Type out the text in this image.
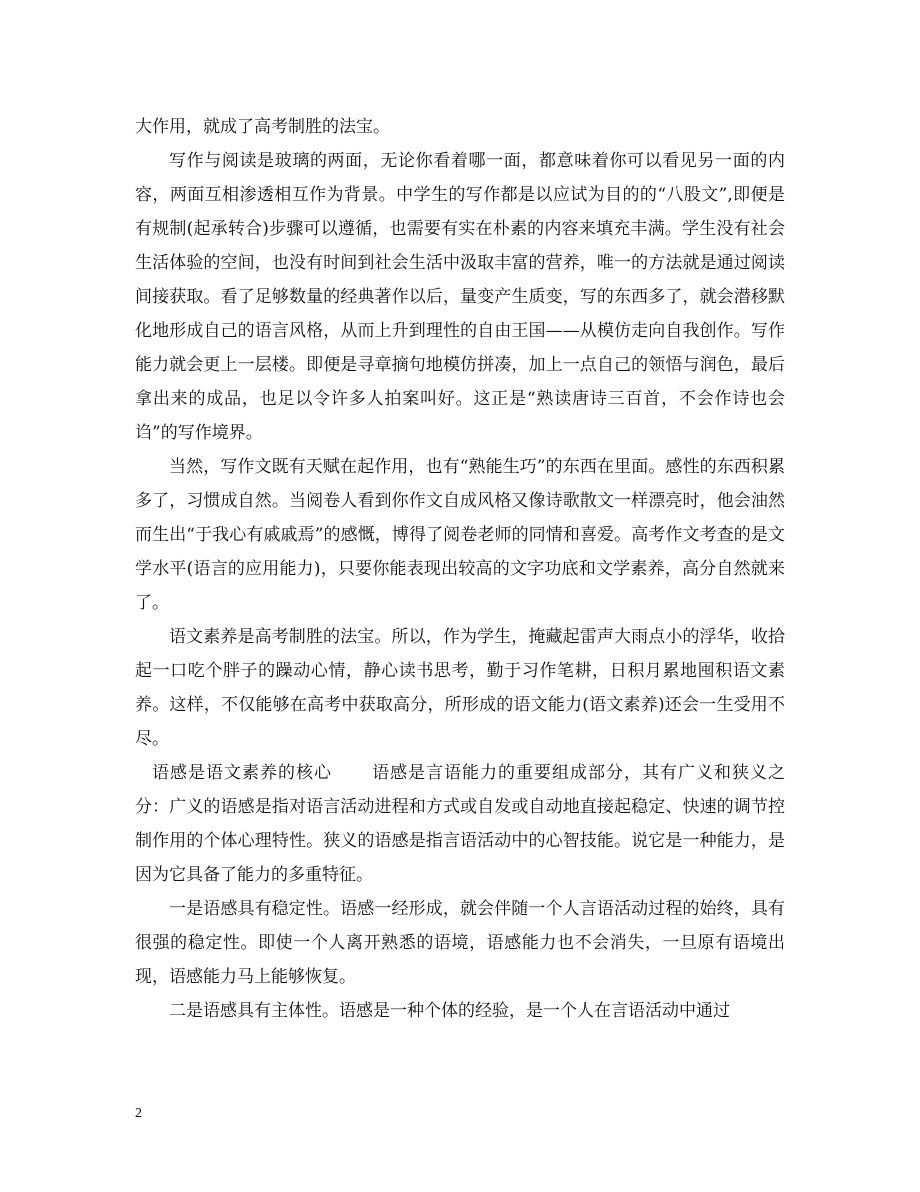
大作用，就成了高考制胜的法宝。

写作与阅读是玻璃的两面，无论你看着哪一面，都意味着你可以看见另一面的内容，两面互相渗透相互作为背景。中学生的写作都是以应试为目的的“八股文”,即便是有规制(起承转合)步骤可以遵循，也需要有实在朴素的内容来填充丰满。学生没有社会生活体验的空间，也没有时间到社会生活中汲取丰富的营养，唯一的方法就是通过阅读间接获取。看了足够数量的经典著作以后，量变产生质变，写的东西多了，就会潜移默化地形成自己的语言风格，从而上升到理性的自由王国——从模仿走向自我创作。写作能力就会更上一层楼。即便是寻章摘句地模仿拼凑，加上一点自己的领悟与润色，最后拿出来的成品，也足以令许多人拍案叫好。这正是“熟读唐诗三百首，不会作诗也会诌”的写作境界。

当然，写作文既有天赋在起作用，也有“熟能生巧”的东西在里面。感性的东西积累多了，习惯成自然。当阅卷人看到你作文自成风格又像诗歌散文一样漂亮时，他会油然而生出“于我心有戚戚焉”的感慨，博得了阅卷老师的同情和喜爱。高考作文考查的是文学水平(语言的应用能力)，只要你能表现出较高的文字功底和文学素养，高分自然就来了。

语文素养是高考制胜的法宝。所以，作为学生，掩藏起雷声大雨点小的浮华，收拾起一口吃个胖子的躁动心情，静心读书思考，勤于习作笔耕，日积月累地囤积语文素养。这样，不仅能够在高考中获取高分，所形成的语文能力(语文素养)还会一生受用不尽。

语感是语文素养的核心 语感是言语能力的重要组成部分，其有广义和狭义之分：广义的语感是指对语言活动进程和方式或自发或自动地直接起稳定、快速的调节控制作用的个体心理特性。狭义的语感是指言语活动中的心智技能。说它是一种能力，是因为它具备了能力的多重特征。

一是语感具有稳定性。语感一经形成，就会伴随一个人言语活动过程的始终，具有很强的稳定性。即使一个人离开熟悉的语境，语感能力也不会消失，一旦原有语境出现，语感能力马上能够恢复。

二是语感具有主体性。语感是一种个体的经验，是一个人在言语活动中通过

2
